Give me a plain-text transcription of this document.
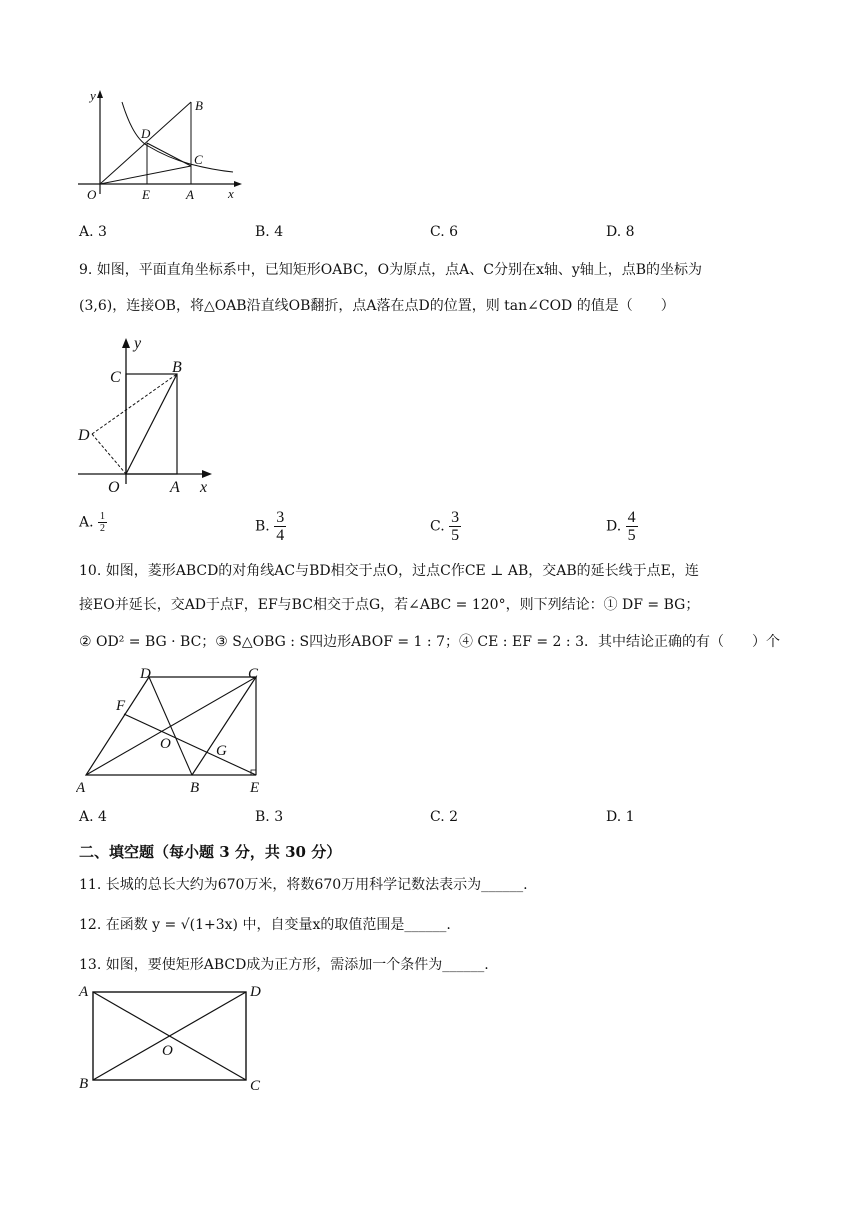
y
x
O	E	A
B
C
D
A. 3	B. 4	C. 6	D. 8
9. 如图，平面直角坐标系中，已知矩形OABC，O为原点，点A、C分别在x轴、y轴上，点B的坐标为
(3,6)，连接OB，将△OAB沿直线OB翻折，点A落在点D的位置，则 tan∠COD 的值是（　　）
y
x
O	A
B
C
D
A. $\frac{1}{2}$	B. $\frac{3}{4}$	C. $\frac{3}{5}$	D. $\frac{4}{5}$
10. 如图，菱形ABCD的对角线AC与BD相交于点O，过点C作CE ⊥ AB，交AB的延长线于点E，连
接EO并延长，交AD于点F，EF与BC相交于点G，若∠ABC = 120°，则下列结论：① DF = BG；
② OD² = BG · BC；③ S△OBG : S四边形ABOF = 1 : 7；④ CE : EF = 2 : 3．其中结论正确的有（　　）个
A	B
C
D
E
F
G
O
A. 4	B. 3	C. 2	D. 1
二、填空题（每小题 3 分，共 30 分）
11. 长城的总长大约为670万米，将数670万用科学记数法表示为______.
12. 在函数 y = √(1+3x) 中，自变量x的取值范围是______.
13. 如图，要使矩形ABCD成为正方形，需添加一个条件为______.
A	D
B	C
O
